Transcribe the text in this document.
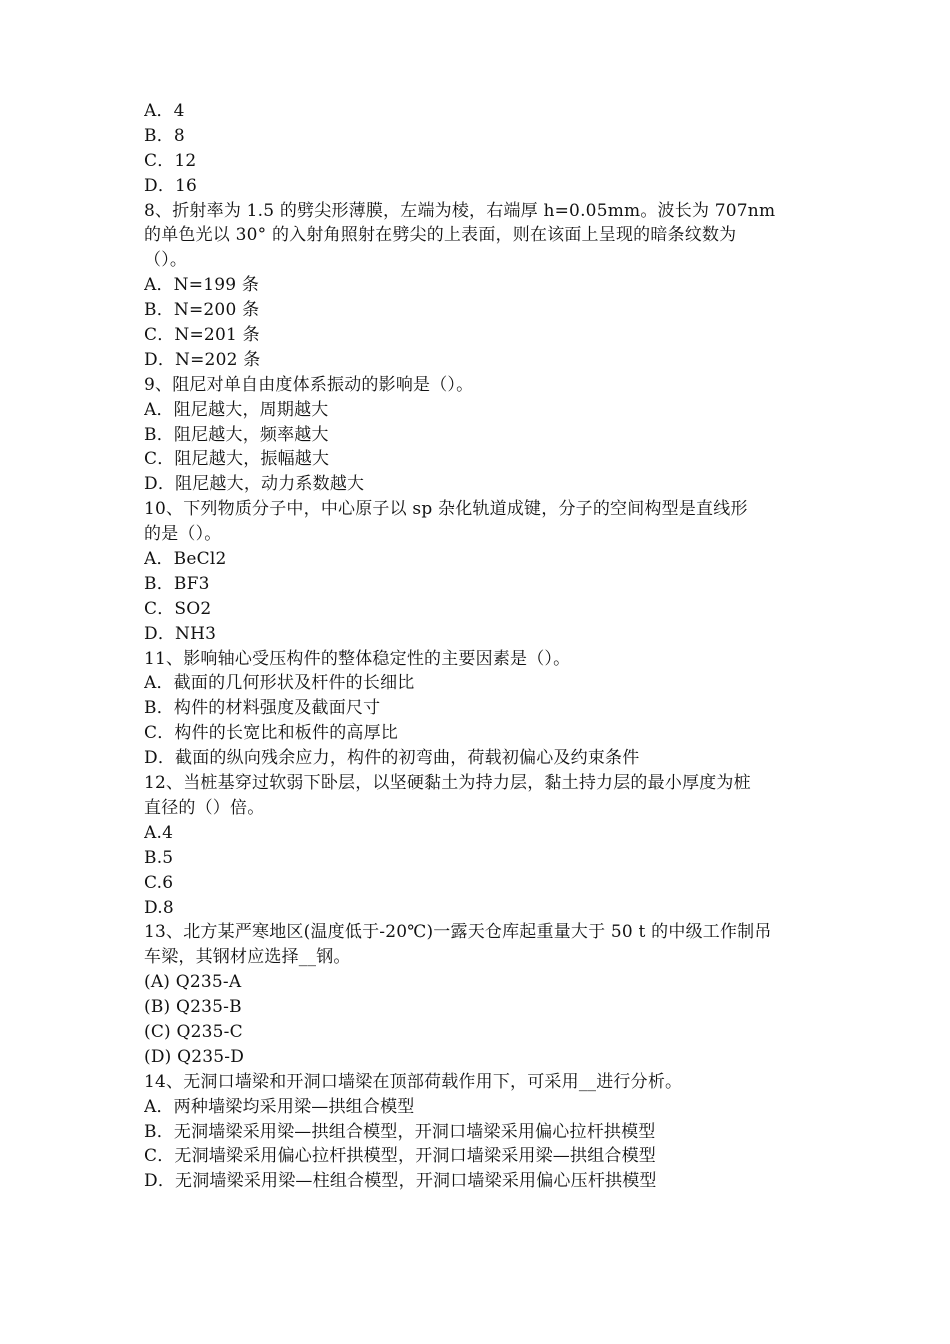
A．4
B．8
C．12
D．16
8、折射率为 1.5 的劈尖形薄膜，左端为棱，右端厚 h=0.05mm。波长为 707nm
的单色光以 30° 的入射角照射在劈尖的上表面，则在该面上呈现的暗条纹数为
（）。
A．N=199 条
B．N=200 条
C．N=201 条
D．N=202 条
9、阻尼对单自由度体系振动的影响是（）。
A．阻尼越大，周期越大
B．阻尼越大，频率越大
C．阻尼越大，振幅越大
D．阻尼越大，动力系数越大
10、下列物质分子中，中心原子以 sp 杂化轨道成键，分子的空间构型是直线形
的是（）。
A．BeCl2
B．BF3
C．SO2
D．NH3
11、影响轴心受压构件的整体稳定性的主要因素是（）。
A．截面的几何形状及杆件的长细比
B．构件的材料强度及截面尺寸
C．构件的长宽比和板件的高厚比
D．截面的纵向残余应力，构件的初弯曲，荷载初偏心及约束条件
12、当桩基穿过软弱下卧层，以坚硬黏土为持力层，黏土持力层的最小厚度为桩
直径的（）倍。
A.4
B.5
C.6
D.8
13、北方某严寒地区(温度低于-20℃)一露天仓库起重量大于 50 t 的中级工作制吊
车梁，其钢材应选择__钢。
(A) Q235-A
(B) Q235-B
(C) Q235-C
(D) Q235-D
14、无洞口墙梁和开洞口墙梁在顶部荷载作用下，可采用__进行分析。
A．两种墙梁均采用梁—拱组合模型
B．无洞墙梁采用梁—拱组合模型，开洞口墙梁采用偏心拉杆拱模型
C．无洞墙梁采用偏心拉杆拱模型，开洞口墙梁采用梁—拱组合模型
D．无洞墙梁采用梁—柱组合模型，开洞口墙梁采用偏心压杆拱模型
